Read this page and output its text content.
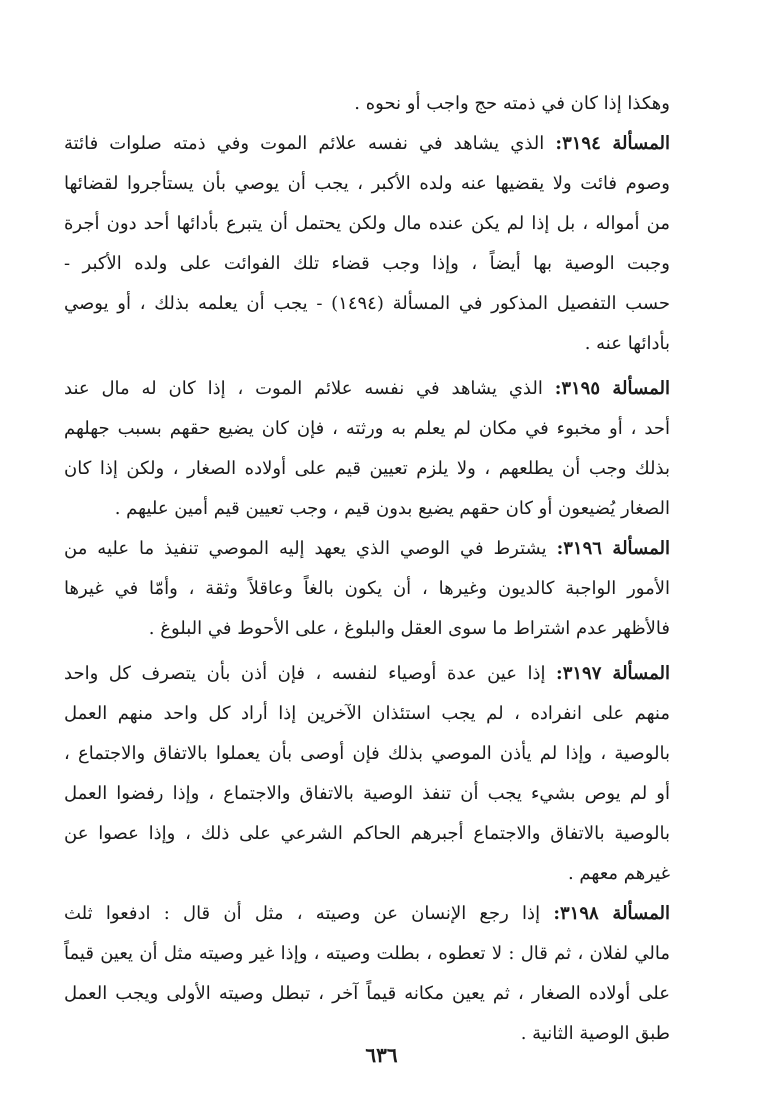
وهكذا إذا كان في ذمته حج واجب أو نحوه .
المسألة ٣١٩٤: الذي يشاهد في نفسه علائم الموت وفي ذمته صلوات فائتة
وصوم فائت ولا يقضيها عنه ولده الأكبر ، يجب أن يوصي بأن يستأجروا لقضائها
من أمواله ، بل إذا لم يكن عنده مال ولكن يحتمل أن يتبرع بأدائها أحد دون أجرة
وجبت الوصية بها أيضاً ، وإذا وجب قضاء تلك الفوائت على ولده الأكبر -
حسب التفصيل المذكور في المسألة (١٤٩٤) - يجب أن يعلمه بذلك ، أو يوصي
بأدائها عنه .
المسألة ٣١٩٥: الذي يشاهد في نفسه علائم الموت ، إذا كان له مال عند
أحد ، أو مخبوء في مكان لم يعلم به ورثته ، فإن كان يضيع حقهم بسبب جهلهم
بذلك وجب أن يطلعهم ، ولا يلزم تعيين قيم على أولاده الصغار ، ولكن إذا كان
الصغار يُضيعون أو كان حقهم يضيع بدون قيم ، وجب تعيين قيم أمين عليهم .
المسألة ٣١٩٦: يشترط في الوصي الذي يعهد إليه الموصي تنفيذ ما عليه من
الأمور الواجبة كالديون وغيرها ، أن يكون بالغاً وعاقلاً وثقة ، وأمّا في غيرها
فالأظهر عدم اشتراط ما سوى العقل والبلوغ ، على الأحوط في البلوغ .
المسألة ٣١٩٧: إذا عين عدة أوصياء لنفسه ، فإن أذن بأن يتصرف كل واحد
منهم على انفراده ، لم يجب استئذان الآخرين إذا أراد كل واحد منهم العمل
بالوصية ، وإذا لم يأذن الموصي بذلك فإن أوصى بأن يعملوا بالاتفاق والاجتماع ،
أو لم يوص بشيء يجب أن تنفذ الوصية بالاتفاق والاجتماع ، وإذا رفضوا العمل
بالوصية بالاتفاق والاجتماع أجبرهم الحاكم الشرعي على ذلك ، وإذا عصوا عن
غيرهم معهم .
المسألة ٣١٩٨: إذا رجع الإنسان عن وصيته ، مثل أن قال : ادفعوا ثلث
مالي لفلان ، ثم قال : لا تعطوه ، بطلت وصيته ، وإذا غير وصيته مثل أن يعين قيماً
على أولاده الصغار ، ثم يعين مكانه قيماً آخر ، تبطل وصيته الأولى ويجب العمل
طبق الوصية الثانية .
٦٣٦
